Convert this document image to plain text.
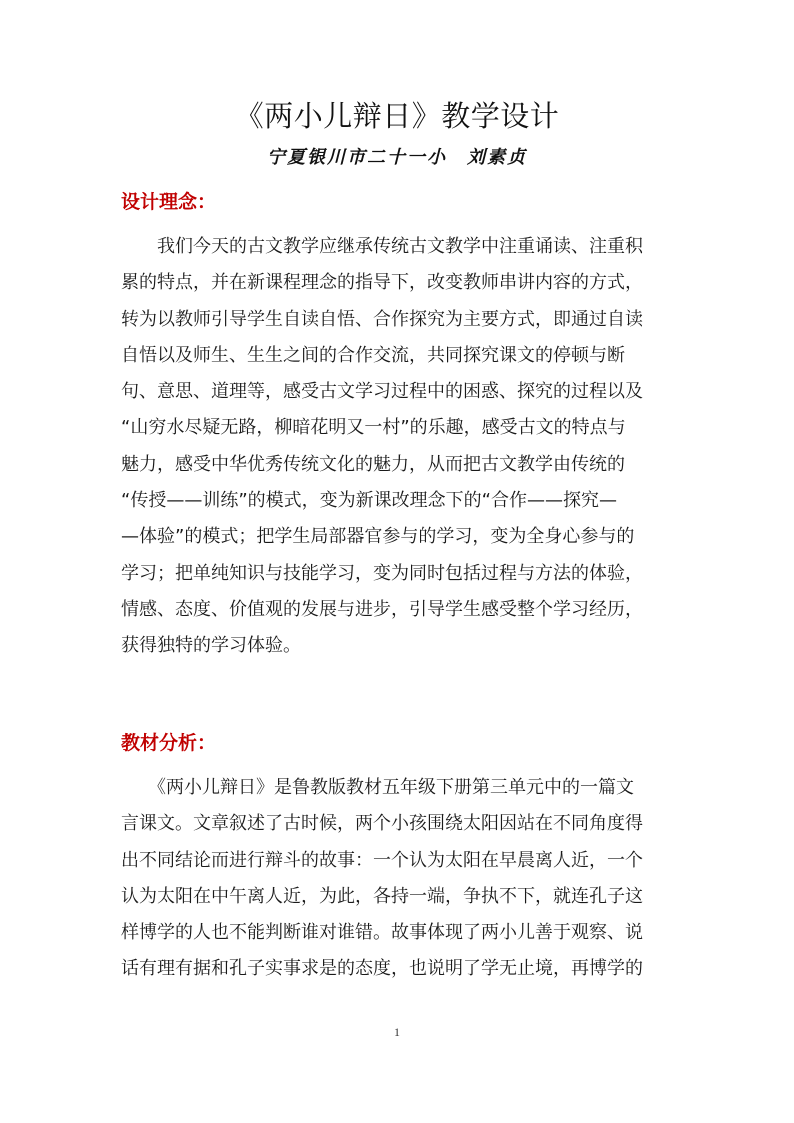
《两小儿辩日》教学设计
宁夏银川市二十一小　刘素贞
设计理念：
　　我们今天的古文教学应继承传统古文教学中注重诵读、注重积
累的特点，并在新课程理念的指导下，改变教师串讲内容的方式，
转为以教师引导学生自读自悟、合作探究为主要方式，即通过自读
自悟以及师生、生生之间的合作交流，共同探究课文的停顿与断
句、意思、道理等，感受古文学习过程中的困惑、探究的过程以及
“山穷水尽疑无路，柳暗花明又一村”的乐趣，感受古文的特点与
魅力，感受中华优秀传统文化的魅力，从而把古文教学由传统的
“传授——训练”的模式，变为新课改理念下的“合作——探究—
—体验”的模式；把学生局部器官参与的学习，变为全身心参与的
学习；把单纯知识与技能学习，变为同时包括过程与方法的体验，
情感、态度、价值观的发展与进步，引导学生感受整个学习经历，
获得独特的学习体验。
教材分析：
　　《两小儿辩日》是鲁教版教材五年级下册第三单元中的一篇文
言课文。文章叙述了古时候，两个小孩围绕太阳因站在不同角度得
出不同结论而进行辩斗的故事：一个认为太阳在早晨离人近，一个
认为太阳在中午离人近，为此，各持一端，争执不下，就连孔子这
样博学的人也不能判断谁对谁错。故事体现了两小儿善于观察、说
话有理有据和孔子实事求是的态度，也说明了学无止境，再博学的
1
